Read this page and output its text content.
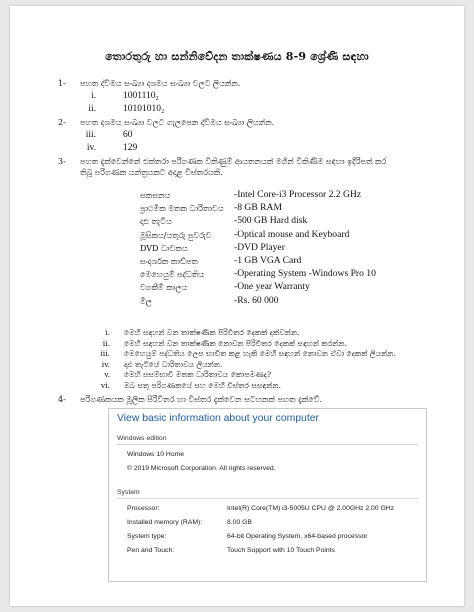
තොරතුරු හා සන්නිවේදන තාක්ෂණය 8-9 ශ්‍රේණි සඳහා
1-	පහත ද්විමය සංඛ්‍යා දශමය සංඛ්‍යා වලට ලියන්න.
i.	1001110₂
ii.	10101010₂
2-	පහත දශමය සංඛ්‍යා වලට ගැලපෙන ද්විමය සංඛ්‍යා ලියන්න.
iii.	60
iv.	129
3-	පහත දැක්වෙන්නේ එක්තරා පරිගණක විකිණුම් ආයතනයක් මගින් විකිණීම සඳහා ඉදිරිපත් කර
තිබූ පරිගණක යන්ත්‍රයකට අදාළ විස්තරයකි.
සකසනය	-Intel Core-i3 Processor 2.2 GHz
ප්‍රාථමික මතක ධාරිතාවය -8 GB RAM
දෘඪ තැටිය	-500 GB Hard disk
මූසිකය/යතුරු පුවරුව -Optical mouse and Keyboard
DVD ධාවකය	-DVD Player
සංදර්ශක කාඩ්පත	-1 GB VGA Card
මෙහෙයුම් පද්ධතිය	-Operating System -Windows Pro 10
වගකීම් කාලය	-One year Warranty
මිල	-Rs. 60 000
i. මෙහි සඳහන් වන තාක්ෂණික පිරිවිතර දෙකක් දක්වන්න.
ii. මෙහි සඳහන් වන තාක්ෂණික නොවන පිරිවිතර දෙකක් සඳහන් කරන්න.
iii. මෙහෙයුම් පද්ධතිය ලෙස භාවිත කළ හැකි මෙහි සඳහන් නොවන ඒවා දෙකක් ලියන්න.
iv. දෘඪ තැටියේ ධාරිතාවය ලියන්න.
v. මෙහි සසම්භාවී මතක ධාරිතාවය කොපමණද?
vi. ඔබ සතු පරිගණකයේ සහ මෙහි විස්තර සසඳන්න.
4-	පරිගණකයක මූලික පිරිවිතර හා විස්තර දැක්වෙන සටහනක් පහත දැක්වේ.
View basic information about your computer
Windows edition
Windows 10 Home
© 2019 Microsoft Corporation. All rights reserved.
System
Processor:	Intel(R) Core(TM) i3-5005U CPU @ 2.00GHz 2.00 GHz
Installed memory (RAM):	8.00 GB
System type:	64-bit Operating System, x64-based processor
Pen and Touch:	Touch Support with 10 Touch Points
